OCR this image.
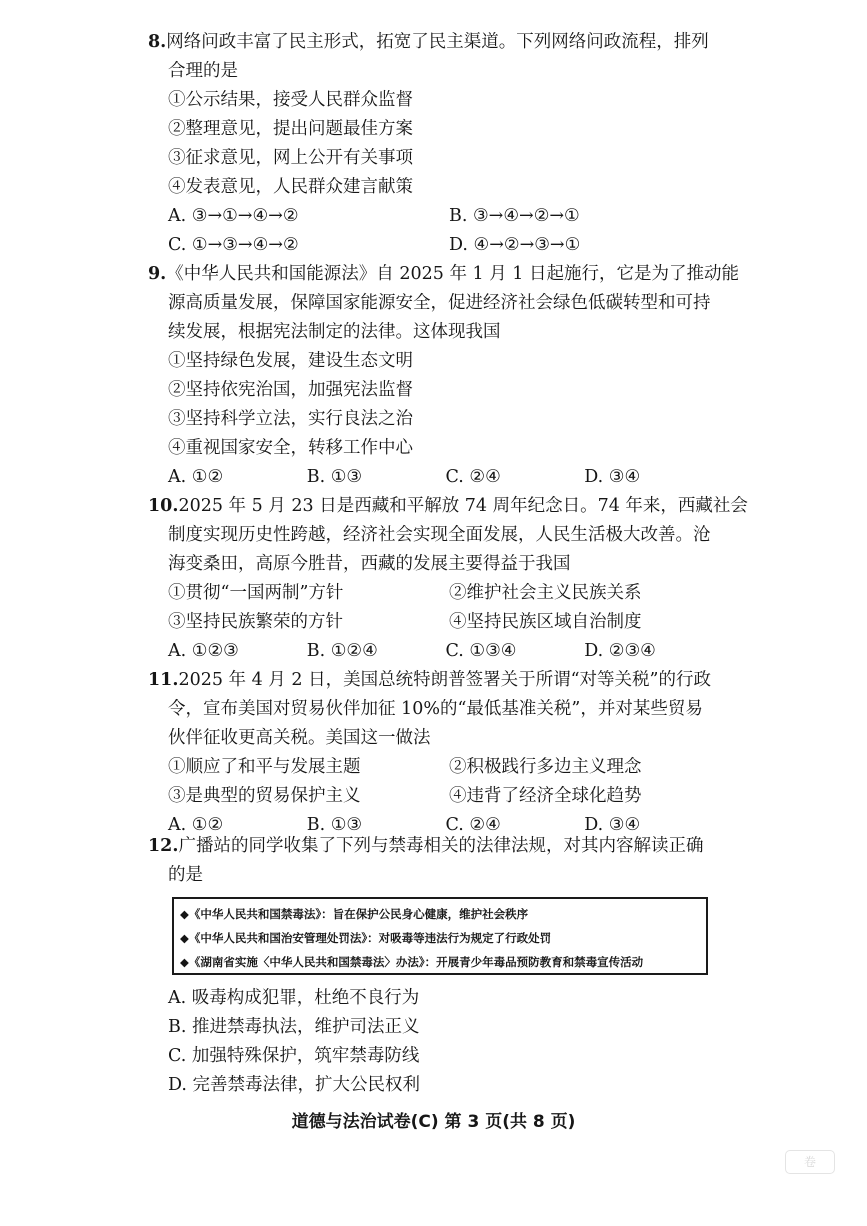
8.网络问政丰富了民主形式，拓宽了民主渠道。下列网络问政流程，排列
合理的是
①公示结果，接受人民群众监督
②整理意见，提出问题最佳方案
③征求意见，网上公开有关事项
④发表意见，人民群众建言献策
A. ③→①→④→②	B. ③→④→②→①
C. ①→③→④→②	D. ④→②→③→①
9.《中华人民共和国能源法》自 2025 年 1 月 1 日起施行，它是为了推动能
源高质量发展，保障国家能源安全，促进经济社会绿色低碳转型和可持
续发展，根据宪法制定的法律。这体现我国
①坚持绿色发展，建设生态文明
②坚持依宪治国，加强宪法监督
③坚持科学立法，实行良法之治
④重视国家安全，转移工作中心
A. ①②	B. ①③	C. ②④	D. ③④
10.2025 年 5 月 23 日是西藏和平解放 74 周年纪念日。74 年来，西藏社会
制度实现历史性跨越，经济社会实现全面发展，人民生活极大改善。沧
海变桑田，高原今胜昔，西藏的发展主要得益于我国
①贯彻“一国两制”方针	②维护社会主义民族关系
③坚持民族繁荣的方针	④坚持民族区域自治制度
A. ①②③	B. ①②④	C. ①③④	D. ②③④
11.2025 年 4 月 2 日，美国总统特朗普签署关于所谓“对等关税”的行政
令，宣布美国对贸易伙伴加征 10%的“最低基准关税”，并对某些贸易
伙伴征收更高关税。美国这一做法
①顺应了和平与发展主题	②积极践行多边主义理念
③是典型的贸易保护主义	④违背了经济全球化趋势
A. ①②	B. ①③	C. ②④	D. ③④
12.广播站的同学收集了下列与禁毒相关的法律法规，对其内容解读正确
的是
◆《中华人民共和国禁毒法》：旨在保护公民身心健康，维护社会秩序
◆《中华人民共和国治安管理处罚法》：对吸毒等违法行为规定了行政处罚
◆《湖南省实施〈中华人民共和国禁毒法〉办法》：开展青少年毒品预防教育和禁毒宣传活动
A. 吸毒构成犯罪，杜绝不良行为
B. 推进禁毒执法，维护司法正义
C. 加强特殊保护，筑牢禁毒防线
D. 完善禁毒法律，扩大公民权利
道德与法治试卷(C) 第 3 页(共 8 页)
卷
